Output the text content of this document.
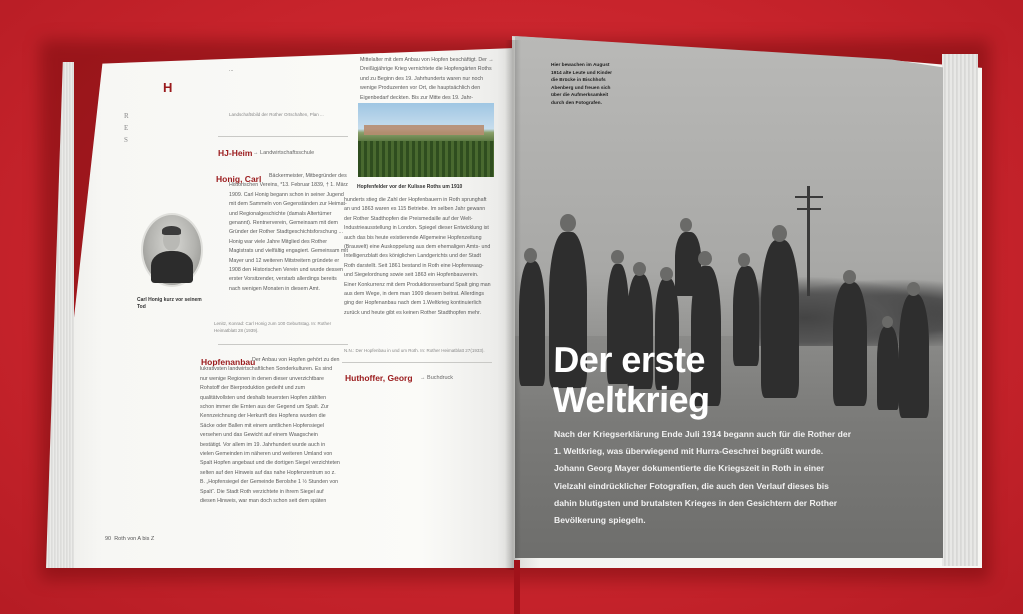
R
E
S
H
...
Landschaftsbild der Rother Ortschaften, Plan ...
HJ-Heim → Landwirtschaftsschule
Honig, Carl	Bäckermeister, Mitbegründer des Historischen Vereins, *13. Februar 1839, † 1. März 1909. Carl Honig begann schon in seiner Jugend mit dem Sammeln von Gegenständen zur Heimat- und Regionalgeschichte (damals Altertümer genannt). Rentnerverein, Gemeinsam mit dem Gründer der Rother Stadtgeschichtsforschung ... Honig war viele Jahre Mitglied des Rother Magistrats und vielfältig engagiert. Gemeinsam mit Mayer und 12 weiteren Mitstreitern gründete er 1908 den Historischen Verein und wurde dessen erster Vorsitzender, verstarb allerdings bereits nach wenigen Monaten in diesem Amt.
Lenitz, Konrad: Carl Honig zum 100 Geburtstag. In: Rother Heimatblatt 28 (1939).
Carl Honig kurz vor seinem Tod
Hopfenanbau
Der Anbau von Hopfen gehört zu den lukrativsten landwirtschaftlichen Sonderkulturen. Es sind nur wenige Regionen in denen dieser unverzichtbare Rohstoff der Bierproduktion gedeiht und zum qualitätvollsten und deshalb teuersten Hopfen zählten schon immer die Ernten aus der Gegend um Spalt. Zur Kennzeichnung der Herkunft des Hopfens wurden die Säcke oder Ballen mit einem amtlichen Hopfensiegel versehen und das Gewicht auf einem Waagschein bestätigt. Vor allem im 19. Jahrhundert wurde auch in vielen Gemeinden im näheren und weiteren Umland von Spalt Hopfen angebaut und die dortigen Siegel verzichteten selten auf den Hinweis auf das nahe Hopfenzentrum so z. B. „Hopfensiegel der Gemeinde Berolshe 1 ½ Stunden von Spalt“. Die Stadt Roth verzichtete in ihrem Siegel auf diesen Hinweis, war man doch schon seit dem späten
Mittelalter mit dem Anbau von Hopfen beschäftigt. Der → Dreißigjährige Krieg vernichtete die Hopfengärten Roths und zu Beginn des 19. Jahrhunderts waren nur noch wenige Produzenten vor Ort, die hauptsächlich den Eigenbedarf deckten. Bis zur Mitte des 19. Jahr-
Hopfenfelder vor der Kulisse Roths um 1910
hunderts stieg die Zahl der Hopfenbauern in Roth sprunghaft an und 1863 waren es 115 Betriebe. Im selben Jahr gewann der Rother Stadthopfen die Preismedaille auf der Welt-Industrieausstellung in London. Spiegel dieser Entwicklung ist auch das bis heute existierende Allgemeine Hopfenzeitung (Brauwelt) eine Auskoppelung aus dem ehemaligen Amts- und Intelligenzblatt des königlichen Landgerichts und der Stadt Roth darstellt. Seit 1861 bestand in Roth eine Hopfenwaag- und Siegelordnung sowie seit 1863 ein Hopfenbauverein. Einer Konkurrenz mit dem Produktionsverband Spalt ging man aus dem Wege, in dem man 1909 diesem beitrat. Allerdings ging der Hopfenanbau nach dem 1.Weltkrieg kontinuierlich zurück und heute gibt es keinen Rother Stadthopfen mehr.
N.N.: Der Hopfenbau in und um Roth. In: Rother Heimatblatt 27(1933).
Huthoffer, Georg → Buchdruck
90 Roth von A bis Z
Hier bewachen im August 1914 alte Leute und Kinder die Brücke in Bischhofs Abenberg und freuen sich über die Aufmerksamkeit durch den Fotografen.
Der erste
Weltkrieg
Nach der Kriegserklärung Ende Juli 1914 begann auch für die Rother der 1. Weltkrieg, was überwiegend mit Hurra-Geschrei begrüßt wurde. Johann Georg Mayer dokumentierte die Kriegszeit in Roth in einer Vielzahl eindrücklicher Fotografien, die auch den Verlauf dieses bis dahin blutigsten und brutalsten Krieges in den Gesichtern der Rother Bevölkerung spiegeln.
